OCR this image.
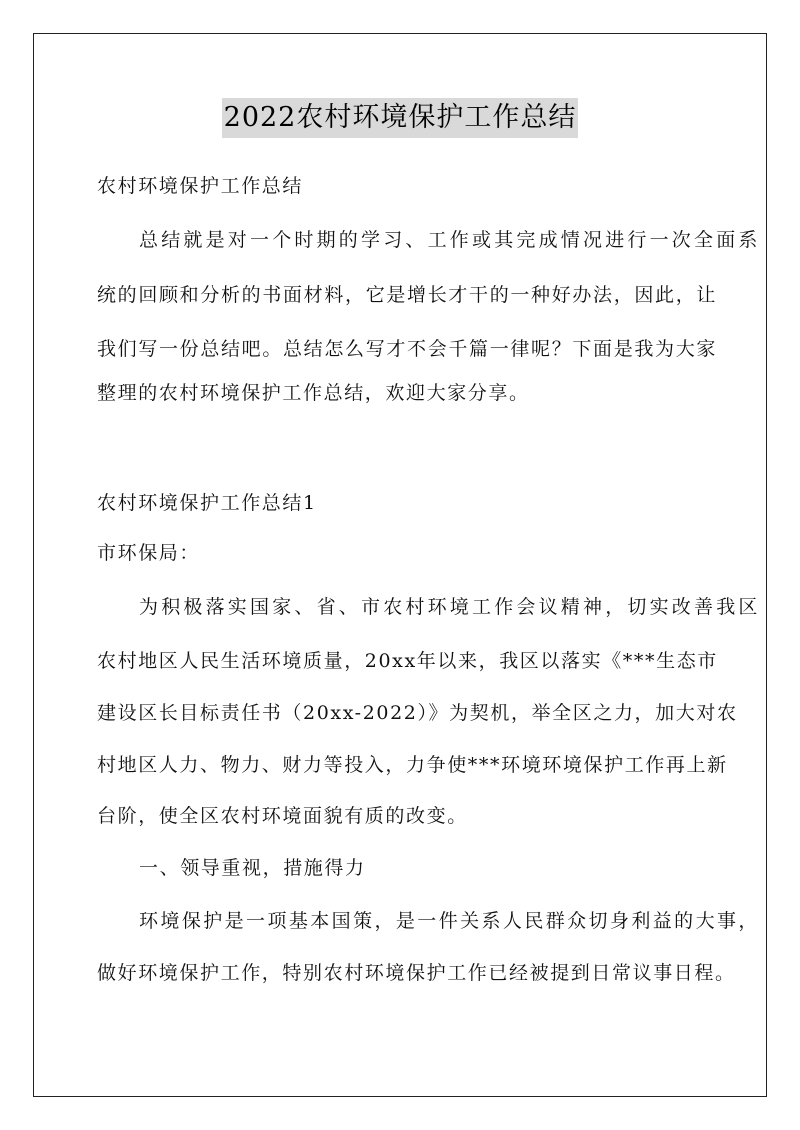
2022农村环境保护工作总结
农村环境保护工作总结
总结就是对一个时期的学习、工作或其完成情况进行一次全面系
统的回顾和分析的书面材料，它是增长才干的一种好办法，因此，让
我们写一份总结吧。总结怎么写才不会千篇一律呢？下面是我为大家
整理的农村环境保护工作总结，欢迎大家分享。
农村环境保护工作总结1
市环保局：
为积极落实国家、省、市农村环境工作会议精神，切实改善我区
农村地区人民生活环境质量，20xx年以来，我区以落实《***生态市
建设区长目标责任书（20xx-2022）》为契机，举全区之力，加大对农
村地区人力、物力、财力等投入，力争使***环境环境保护工作再上新
台阶，使全区农村环境面貌有质的改变。
一、领导重视，措施得力
环境保护是一项基本国策，是一件关系人民群众切身利益的大事，
做好环境保护工作，特别农村环境保护工作已经被提到日常议事日程。
